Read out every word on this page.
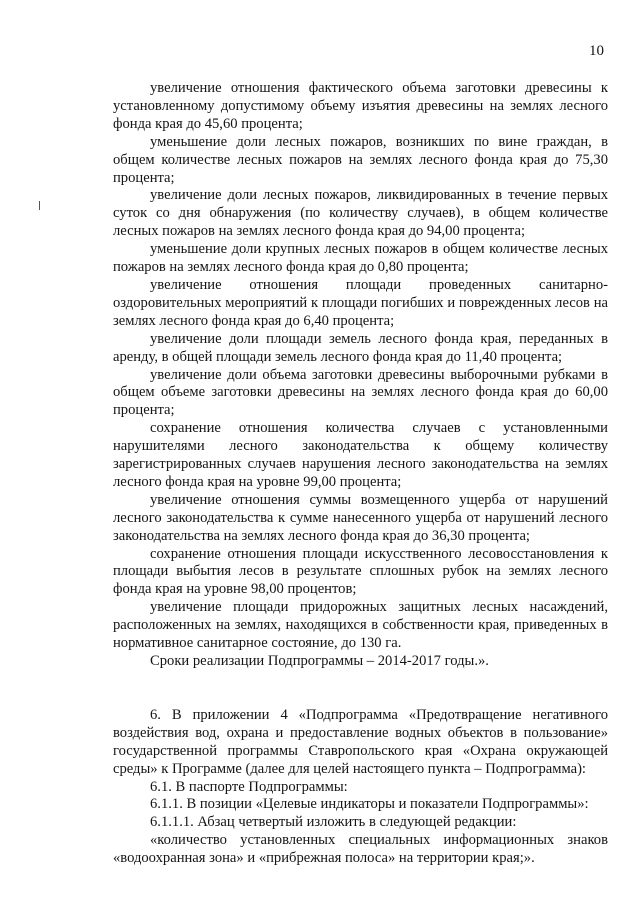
10

увеличение отношения фактического объема заготовки древесины к установленному допустимому объему изъятия древесины на землях лесного фонда края до 45,60 процента;

уменьшение доли лесных пожаров, возникших по вине граждан, в общем количестве лесных пожаров на землях лесного фонда края до 75,30 процента;

увеличение доли лесных пожаров, ликвидированных в течение первых суток со дня обнаружения (по количеству случаев), в общем количестве лесных пожаров на землях лесного фонда края до 94,00 процента;

уменьшение доли крупных лесных пожаров в общем количестве лесных пожаров на землях лесного фонда края до 0,80 процента;

увеличение отношения площади проведенных санитарно-оздоровительных мероприятий к площади погибших и поврежденных лесов на землях лесного фонда края до 6,40 процента;

увеличение доли площади земель лесного фонда края, переданных в аренду, в общей площади земель лесного фонда края до 11,40 процента;

увеличение доли объема заготовки древесины выборочными рубками в общем объеме заготовки древесины на землях лесного фонда края до 60,00 процента;

сохранение отношения количества случаев с установленными нарушителями лесного законодательства к общему количеству зарегистрированных случаев нарушения лесного законодательства на землях лесного фонда края на уровне 99,00 процента;

увеличение отношения суммы возмещенного ущерба от нарушений лесного законодательства к сумме нанесенного ущерба от нарушений лесного законодательства на землях лесного фонда края до 36,30 процента;

сохранение отношения площади искусственного лесовосстановления к площади выбытия лесов в результате сплошных рубок на землях лесного фонда края на уровне 98,00 процентов;

увеличение площади придорожных защитных лесных насаждений, расположенных на землях, находящихся в собственности края, приведенных в нормативное санитарное состояние, до 130 га.

Сроки реализации Подпрограммы – 2014-2017 годы.».

6. В приложении 4 «Подпрограмма «Предотвращение негативного воздействия вод, охрана и предоставление водных объектов в пользование» государственной программы Ставропольского края «Охрана окружающей среды» к Программе (далее для целей настоящего пункта – Подпрограмма):

6.1. В паспорте Подпрограммы:

6.1.1. В позиции «Целевые индикаторы и показатели Подпрограммы»:

6.1.1.1. Абзац четвертый изложить в следующей редакции:

«количество установленных специальных информационных знаков «водоохранная зона» и «прибрежная полоса» на территории края;».
